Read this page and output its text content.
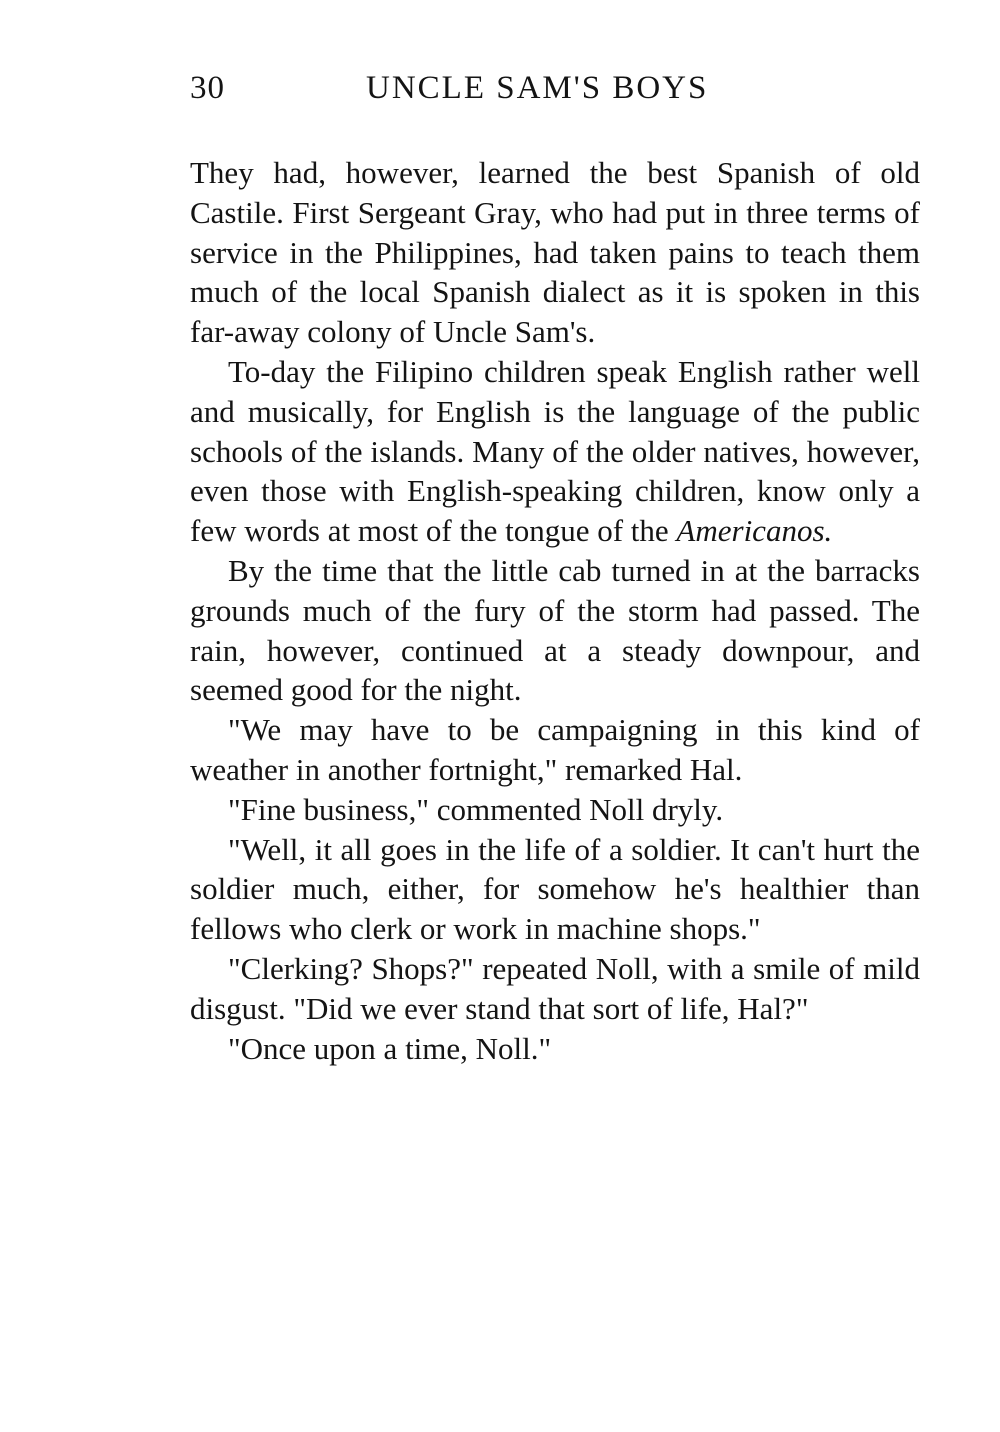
30	UNCLE SAM'S BOYS

They had, however, learned the best Spanish of old Castile. First Sergeant Gray, who had put in three terms of service in the Philippines, had taken pains to teach them much of the local Spanish dialect as it is spoken in this far-away colony of Uncle Sam's.

To-day the Filipino children speak English rather well and musically, for English is the language of the public schools of the islands. Many of the older natives, however, even those with English-speaking children, know only a few words at most of the tongue of the Americanos.

By the time that the little cab turned in at the barracks grounds much of the fury of the storm had passed. The rain, however, continued at a steady downpour, and seemed good for the night.

"We may have to be campaigning in this kind of weather in another fortnight," remarked Hal.

"Fine business," commented Noll dryly.

"Well, it all goes in the life of a soldier. It can't hurt the soldier much, either, for somehow he's healthier than fellows who clerk or work in machine shops."

"Clerking? Shops?" repeated Noll, with a smile of mild disgust. "Did we ever stand that sort of life, Hal?"

"Once upon a time, Noll."
